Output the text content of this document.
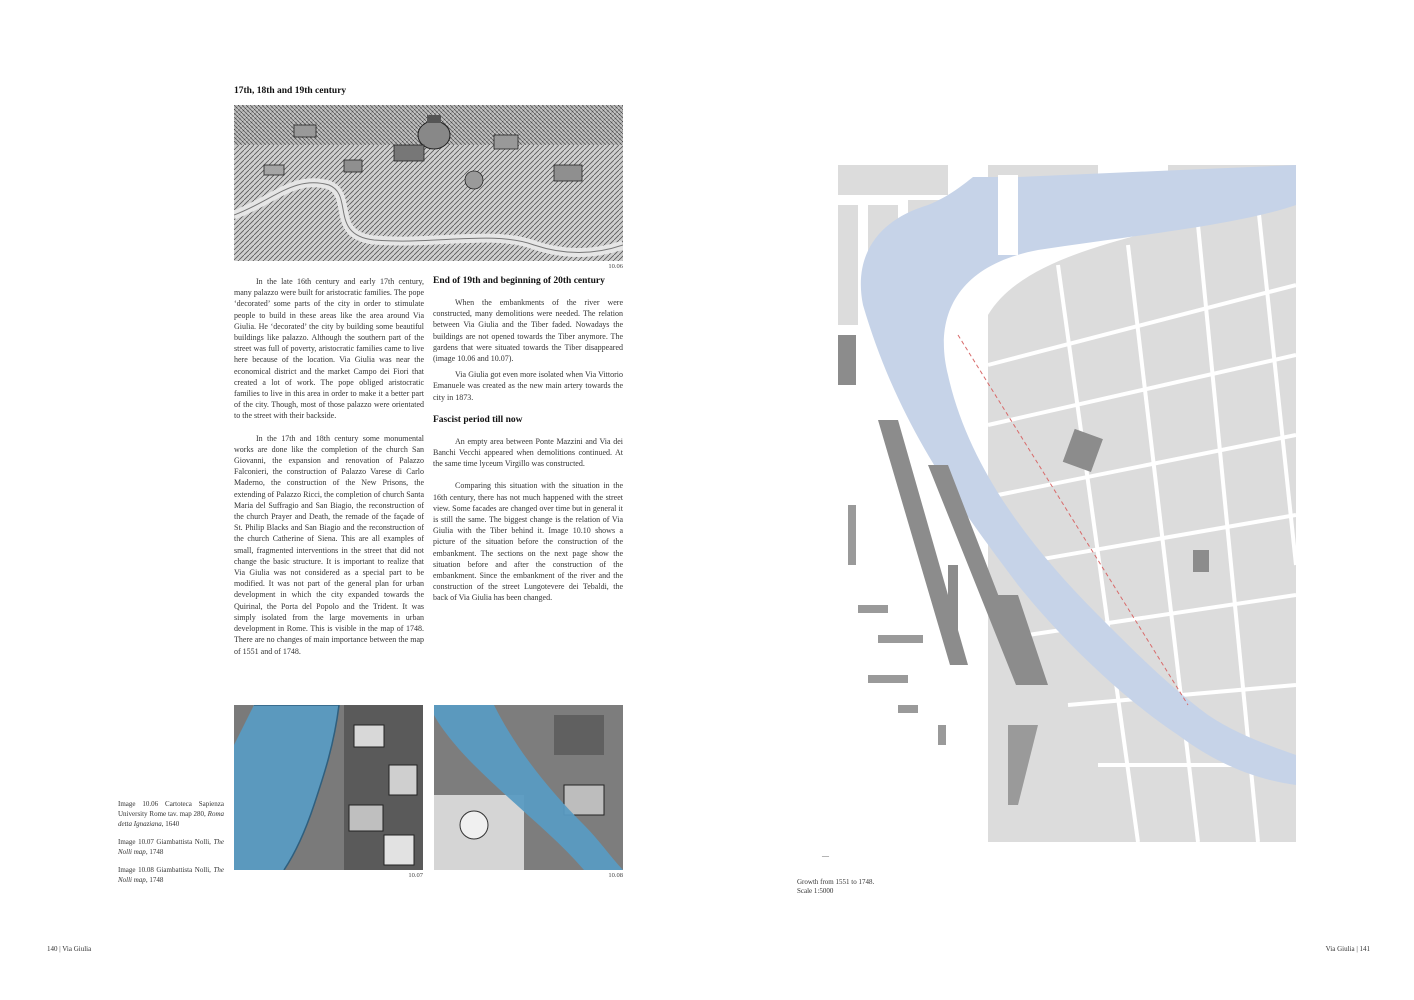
17th, 18th and 19th century

10.06

In the late 16th century and early 17th century, many palazzo were built for aristocratic families. The pope ‘decorated’ some parts of the city in order to stimulate people to build in these areas like the area around Via Giulia. He ‘decorated’ the city by building some beautiful buildings like palazzo. Although the southern part of the street was full of poverty, aristocratic families came to live here because of the location. Via Giulia was near the economical district and the market Campo dei Fiori that created a lot of work. The pope obliged aristocratic families to live in this area in order to make it a better part of the city. Though, most of those palazzo were orientated to the street with their backside.

In the 17th and 18th century some monumental works are done like the completion of the church San Giovanni, the expansion and renovation of Palazzo Falconieri, the construction of Palazzo Varese di Carlo Maderno, the construction of the New Prisons, the extending of Palazzo Ricci, the completion of church Santa Maria del Suffragio and San Biagio, the reconstruction of the church Prayer and Death, the remade of the façade of St. Philip Blacks and San Biagio and the reconstruction of the church Catherine of Siena. This are all examples of small, fragmented interventions in the street that did not change the basic structure. It is important to realize that Via Giulia was not considered as a special part to be modified. It was not part of the general plan for urban development in which the city expanded towards the Quirinal, the Porta del Popolo and the Trident. It was simply isolated from the large movements in urban development in Rome. This is visible in the map of 1748. There are no changes of main importance between the map of 1551 and of 1748.

End of 19th and beginning of 20th century

When the embankments of the river were constructed, many demolitions were needed. The relation between Via Giulia and the Tiber faded. Nowadays the buildings are not opened towards the Tiber anymore. The gardens that were situated towards the Tiber disappeared (image 10.06 and 10.07).

Via Giulia got even more isolated when Via Vittorio Emanuele was created as the new main artery towards the city in 1873.

Fascist period till now

An empty area between Ponte Mazzini and Via dei Banchi Vecchi appeared when demolitions continued. At the same time lyceum Virgillo was constructed.

Comparing this situation with the situation in the 16th century, there has not much happened with the street view. Some facades are changed over time but in general it is still the same. The biggest change is the relation of Via Giulia with the Tiber behind it. Image 10.10 shows a picture of the situation before the construction of the embankment. The sections on the next page show the situation before and after the construction of the embankment. Since the embankment of the river and the construction of the street Lungotevere dei Tebaldi, the back of Via Giulia has been changed.

10.07	10.08
Image 10.06 Cartoteca Sapienza University Rome tav. map 280, Roma detta Ignaziana, 1640
Image 10.07 Giambattista Nolli, The Nolli map, 1748
Image 10.08 Giambattista Nolli, The Nolli map, 1748
140 | Via Giulia
—
Growth from 1551 to 1748.
Scale 1:5000
Via Giulia | 141
